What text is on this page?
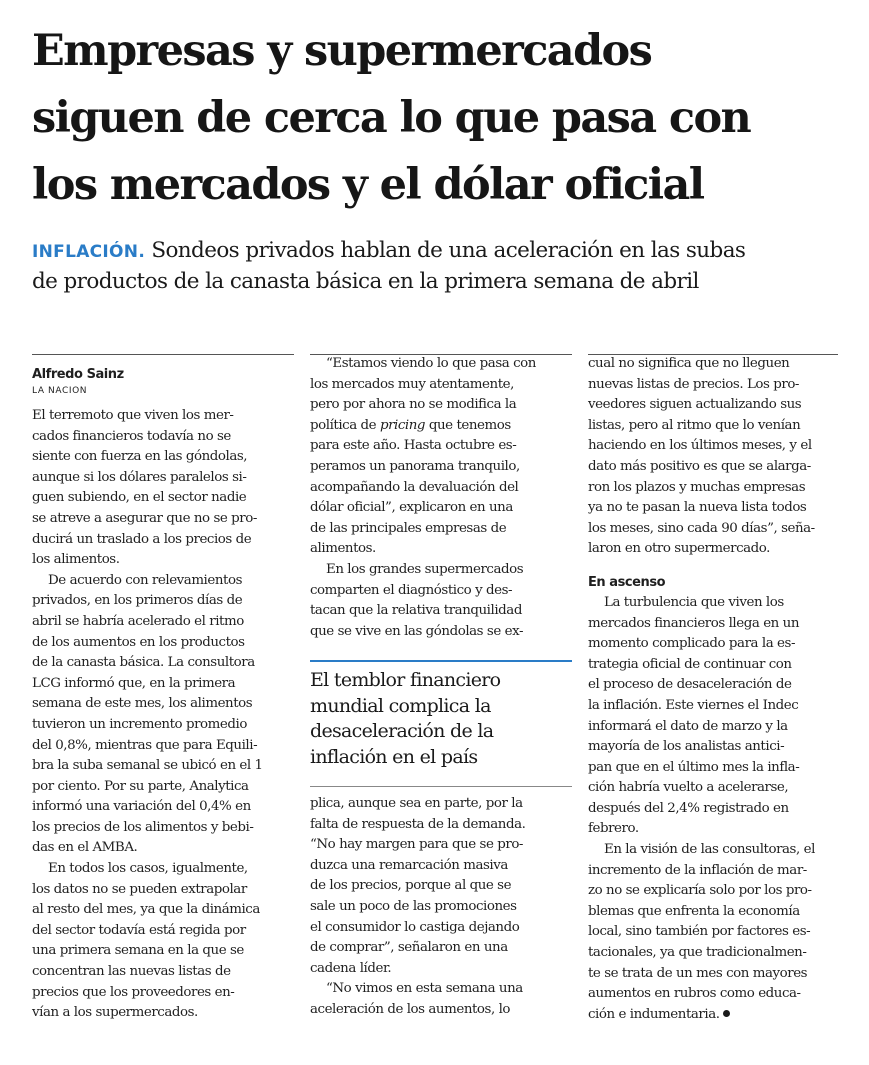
Empresas y supermercados
siguen de cerca lo que pasa con
los mercados y el dólar oficial
INFLACIÓN. Sondeos privados hablan de una aceleración en las subas
de productos de la canasta básica en la primera semana de abril
Alfredo Sainz
LA NACION
El terremoto que viven los mer-
cados financieros todavía no se
siente con fuerza en las góndolas,
aunque si los dólares paralelos si-
guen subiendo, en el sector nadie
se atreve a asegurar que no se pro-
ducirá un traslado a los precios de
los alimentos.
De acuerdo con relevamientos
privados, en los primeros días de
abril se habría acelerado el ritmo
de los aumentos en los productos
de la canasta básica. La consultora
LCG informó que, en la primera
semana de este mes, los alimentos
tuvieron un incremento promedio
del 0,8%, mientras que para Equili-
bra la suba semanal se ubicó en el 1
por ciento. Por su parte, Analytica
informó una variación del 0,4% en
los precios de los alimentos y bebi-
das en el AMBA.
En todos los casos, igualmente,
los datos no se pueden extrapolar
al resto del mes, ya que la dinámica
del sector todavía está regida por
una primera semana en la que se
concentran las nuevas listas de
precios que los proveedores en-
vían a los supermercados.
“Estamos viendo lo que pasa con
los mercados muy atentamente,
pero por ahora no se modifica la
política de pricing que tenemos
para este año. Hasta octubre es-
peramos un panorama tranquilo,
acompañando la devaluación del
dólar oficial”, explicaron en una
de las principales empresas de
alimentos.
En los grandes supermercados
comparten el diagnóstico y des-
tacan que la relativa tranquilidad
que se vive en las góndolas se ex-
El temblor financiero
mundial complica la
desaceleración de la
inflación en el país
plica, aunque sea en parte, por la
falta de respuesta de la demanda.
“No hay margen para que se pro-
duzca una remarcación masiva
de los precios, porque al que se
sale un poco de las promociones
el consumidor lo castiga dejando
de comprar”, señalaron en una
cadena líder.
“No vimos en esta semana una
aceleración de los aumentos, lo
cual no significa que no lleguen
nuevas listas de precios. Los pro-
veedores siguen actualizando sus
listas, pero al ritmo que lo venían
haciendo en los últimos meses, y el
dato más positivo es que se alarga-
ron los plazos y muchas empresas
ya no te pasan la nueva lista todos
los meses, sino cada 90 días”, seña-
laron en otro supermercado.
En ascenso
La turbulencia que viven los
mercados financieros llega en un
momento complicado para la es-
trategia oficial de continuar con
el proceso de desaceleración de
la inflación. Este viernes el Indec
informará el dato de marzo y la
mayoría de los analistas antici-
pan que en el último mes la infla-
ción habría vuelto a acelerarse,
después del 2,4% registrado en
febrero.
En la visión de las consultoras, el
incremento de la inflación de mar-
zo no se explicaría solo por los pro-
blemas que enfrenta la economía
local, sino también por factores es-
tacionales, ya que tradicionalmen-
te se trata de un mes con mayores
aumentos en rubros como educa-
ción e indumentaria.
